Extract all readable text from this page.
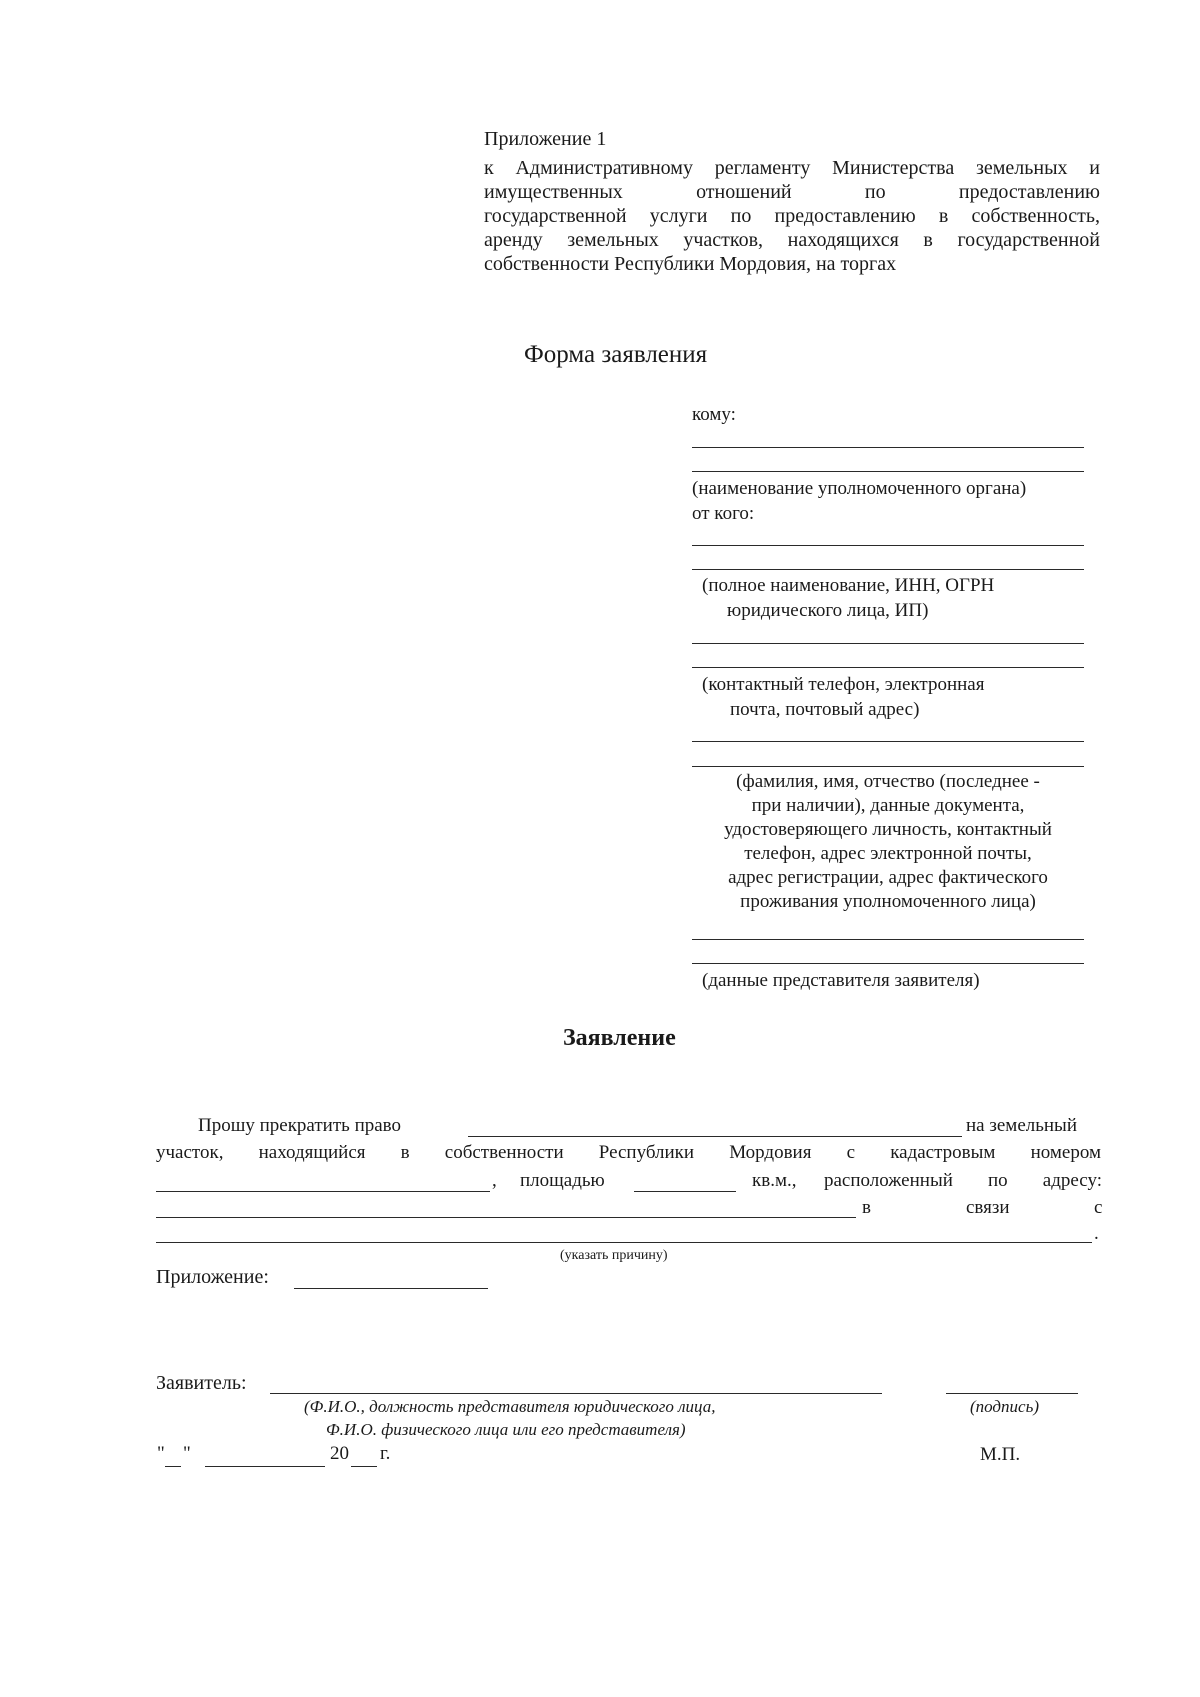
Приложение 1
к Административному регламенту Министерства земельных и
имущественных отношений по предоставлению
государственной услуги по предоставлению в собственность,
аренду земельных участков, находящихся в государственной
собственности Республики Мордовия, на торгах
Форма заявления
кому:
(наименование уполномоченного органа)
от кого:
(полное наименование, ИНН, ОГРН
юридического лица, ИП)
(контактный телефон, электронная
почта, почтовый адрес)
(фамилия, имя, отчество (последнее -
при наличии), данные документа,
удостоверяющего личность, контактный
телефон, адрес электронной почты,
адрес регистрации, адрес фактического
проживания уполномоченного лица)
(данные представителя заявителя)
Заявление
Прошу прекратить право	на земельный
участок, находящийся в собственности Республики Мордовия с кадастровым номером
, площадью	кв.м., расположенный по адресу:
в	связи	с
.
(указать причину)
Приложение:
Заявитель:
(Ф.И.О., должность представителя юридического лица,
Ф.И.О. физического лица или его представителя)
(подпись)
" "	20 г.	М.П.
